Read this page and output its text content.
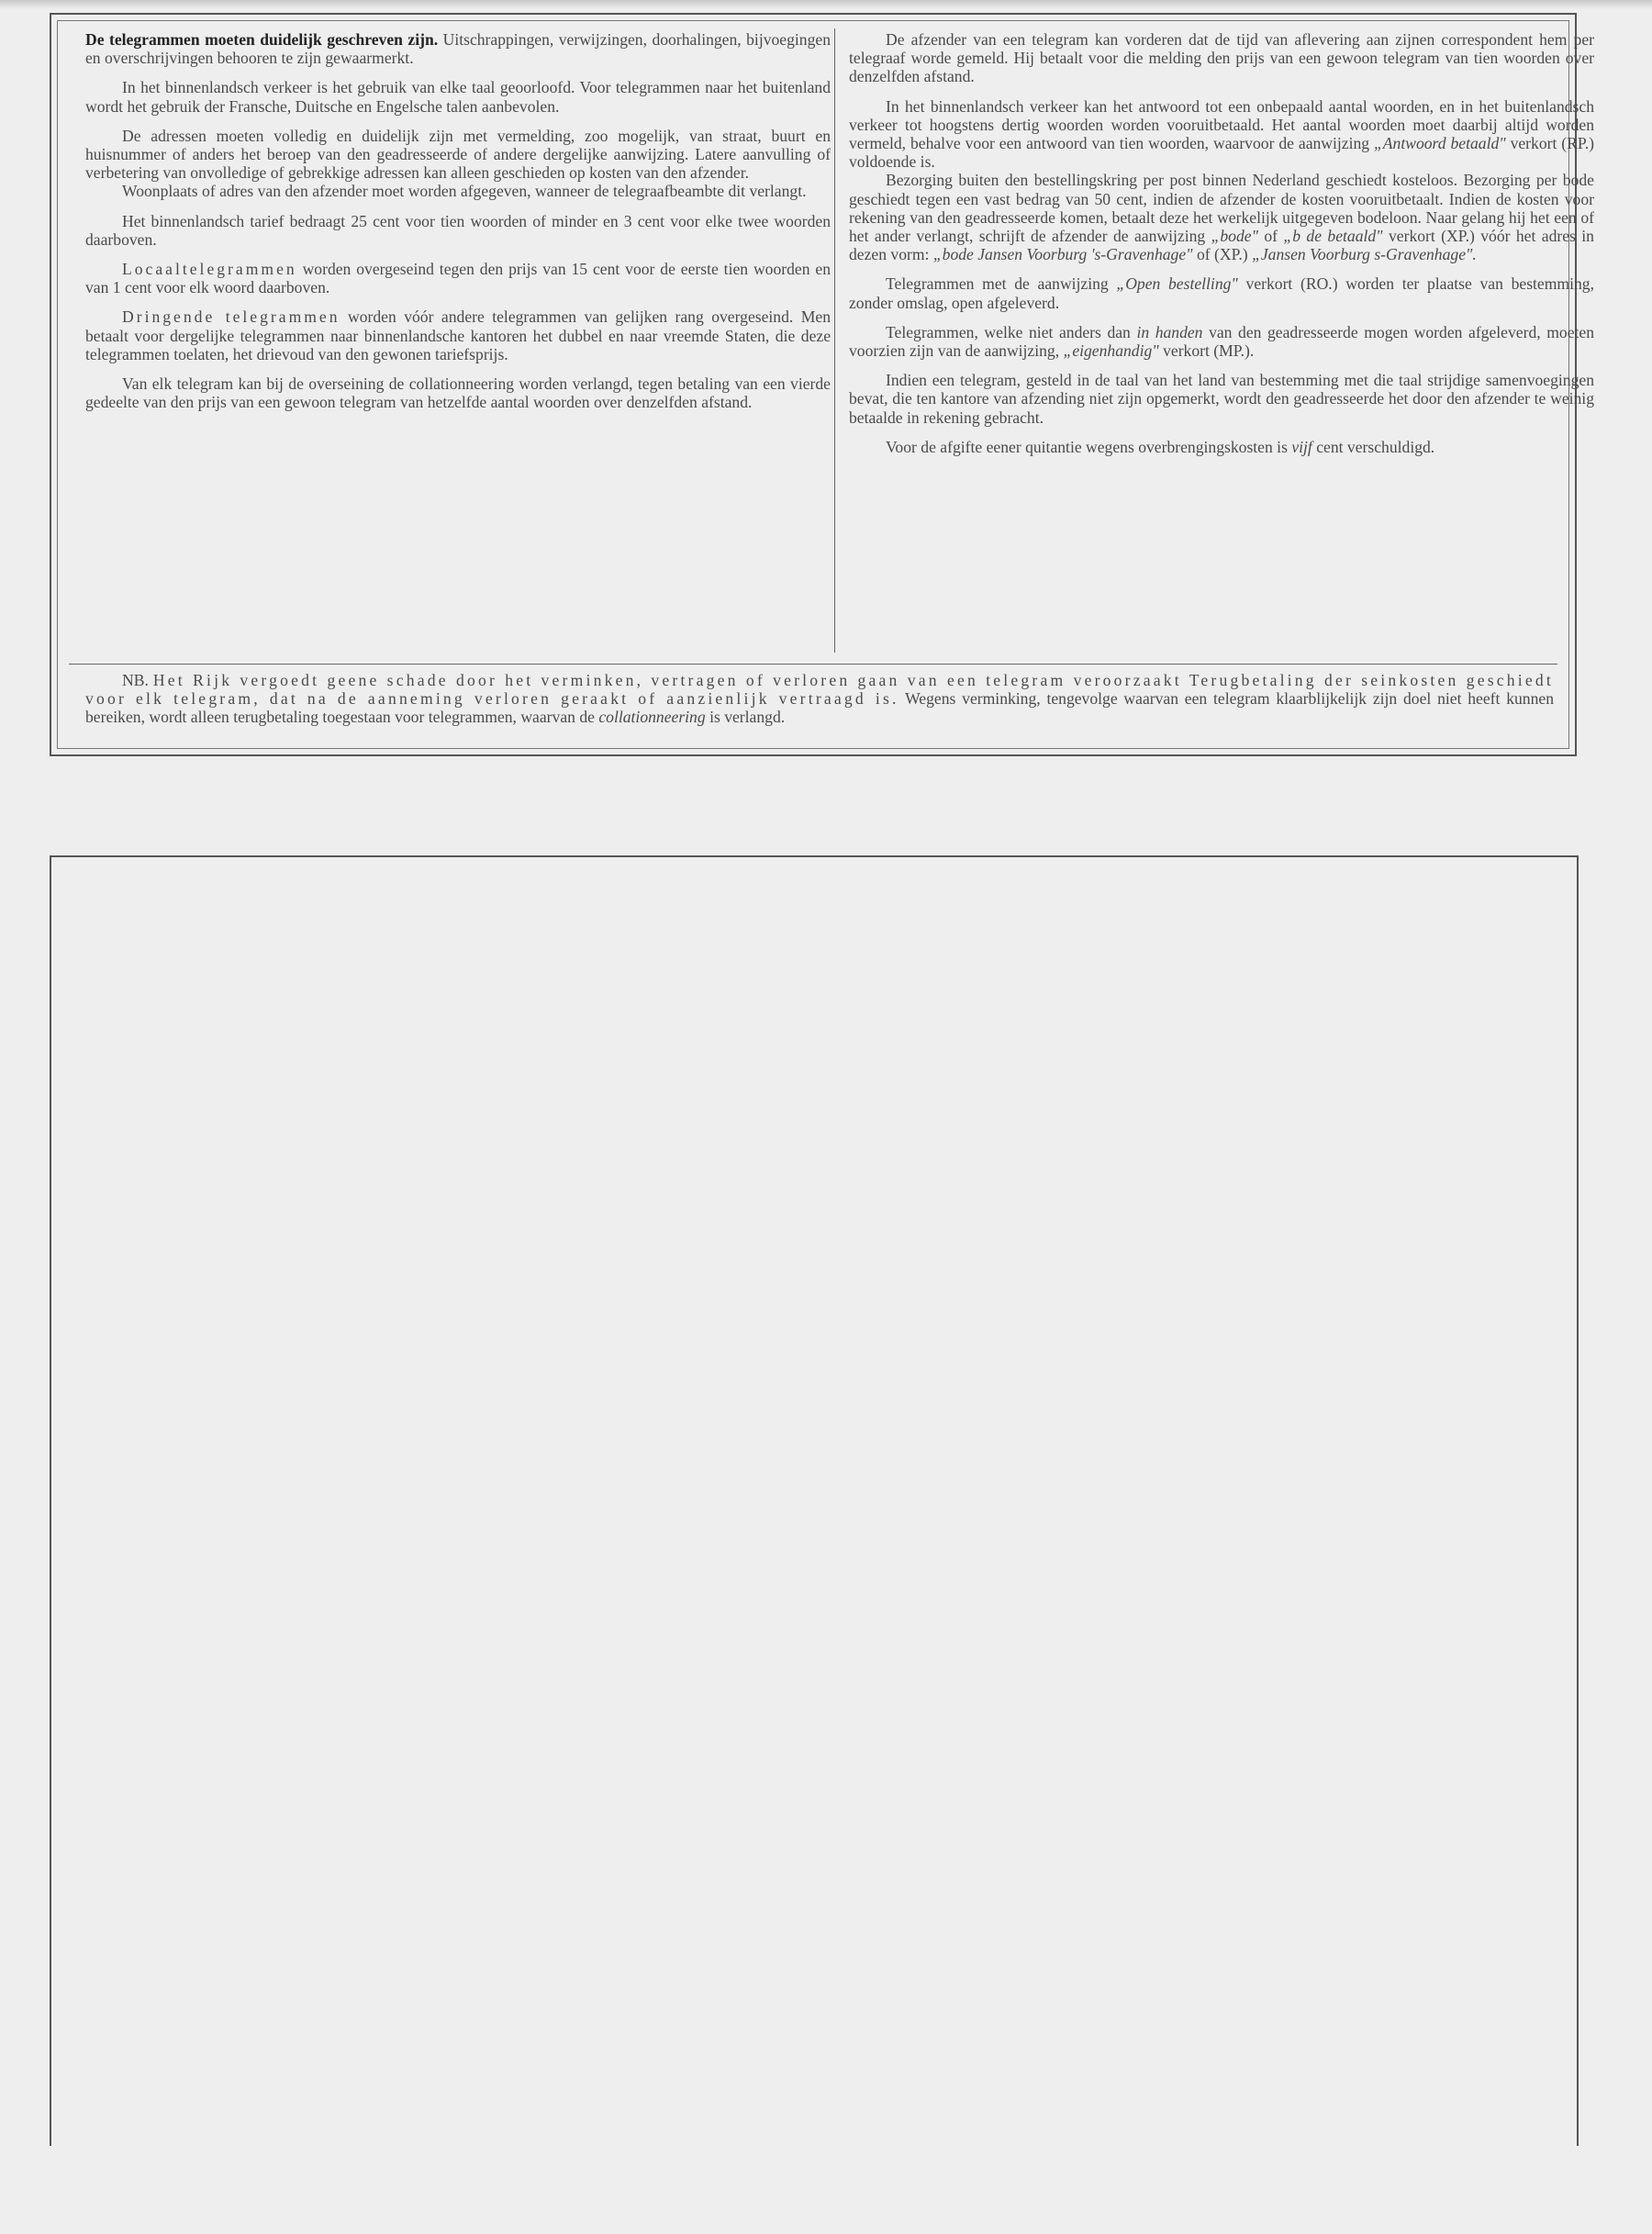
De telegrammen moeten duidelijk geschreven zijn. Uitschrappingen, verwijzingen, doorhalingen, bijvoegingen en overschrijvingen behooren te zijn gewaarmerkt.

In het binnenlandsch verkeer is het gebruik van elke taal geoorloofd. Voor telegrammen naar het buitenland wordt het gebruik der Fransche, Duitsche en Engelsche talen aanbevolen.

De adressen moeten volledig en duidelijk zijn met vermelding, zoo mogelijk, van straat, buurt en huisnummer of anders het beroep van den geadresseerde of andere dergelijke aanwijzing. Latere aanvulling of verbetering van onvolledige of gebrekkige adressen kan alleen geschieden op kosten van den afzender.

Woonplaats of adres van den afzender moet worden afgegeven, wanneer de telegraafbeambte dit verlangt.

Het binnenlandsch tarief bedraagt 25 cent voor tien woorden of minder en 3 cent voor elke twee woorden daarboven.

Locaaltelegrammen worden overgeseind tegen den prijs van 15 cent voor de eerste tien woorden en van 1 cent voor elk woord daarboven.

Dringende telegrammen worden vóór andere telegrammen van gelijken rang overgeseind. Men betaalt voor dergelijke telegrammen naar binnenlandsche kantoren het dubbel en naar vreemde Staten, die deze telegrammen toelaten, het drievoud van den gewonen tariefsprijs.

Van elk telegram kan bij de overseining de collationneering worden verlangd, tegen betaling van een vierde gedeelte van den prijs van een gewoon telegram van hetzelfde aantal woorden over denzelfden afstand.

De afzender van een telegram kan vorderen dat de tijd van aflevering aan zijnen correspondent hem per telegraaf worde gemeld. Hij betaalt voor die melding den prijs van een gewoon telegram van tien woorden over denzelfden afstand.

In het binnenlandsch verkeer kan het antwoord tot een onbepaald aantal woorden, en in het buitenlandsch verkeer tot hoogstens dertig woorden worden vooruitbetaald. Het aantal woorden moet daarbij altijd worden vermeld, behalve voor een antwoord van tien woorden, waarvoor de aanwijzing „Antwoord betaald" verkort (RP.) voldoende is.

Bezorging buiten den bestellingskring per post binnen Nederland geschiedt kosteloos. Bezorging per bode geschiedt tegen een vast bedrag van 50 cent, indien de afzender de kosten vooruitbetaalt. Indien de kosten voor rekening van den geadresseerde komen, betaalt deze het werkelijk uitgegeven bodeloon. Naar gelang hij het een of het ander verlangt, schrijft de afzender de aanwijzing „bode" of „b de betaald" verkort (XP.) vóór het adres in dezen vorm: „bode Jansen Voorburg 's-Gravenhage" of (XP.) „Jansen Voorburg s-Gravenhage".

Telegrammen met de aanwijzing „Open bestelling" verkort (RO.) worden ter plaatse van bestemming, zonder omslag, open afgeleverd.

Telegrammen, welke niet anders dan in handen van den geadresseerde mogen worden afgeleverd, moeten voorzien zijn van de aanwijzing, „eigenhandig" verkort (MP.).

Indien een telegram, gesteld in de taal van het land van bestemming met die taal strijdige samenvoegingen bevat, die ten kantore van afzending niet zijn opgemerkt, wordt den geadresseerde het door den afzender te weinig betaalde in rekening gebracht.

Voor de afgifte eener quitantie wegens overbrengingskosten is vijf cent verschuldigd.

NB. Het Rijk vergoedt geene schade door het verminken, vertragen of verloren gaan van een telegram veroorzaakt Terugbetaling der seinkosten geschiedt voor elk telegram, dat na de aanneming verloren geraakt of aanzienlijk vertraagd is. Wegens verminking, tengevolge waarvan een telegram klaarblijkelijk zijn doel niet heeft kunnen bereiken, wordt alleen terugbetaling toegestaan voor telegrammen, waarvan de collationneering is verlangd.
